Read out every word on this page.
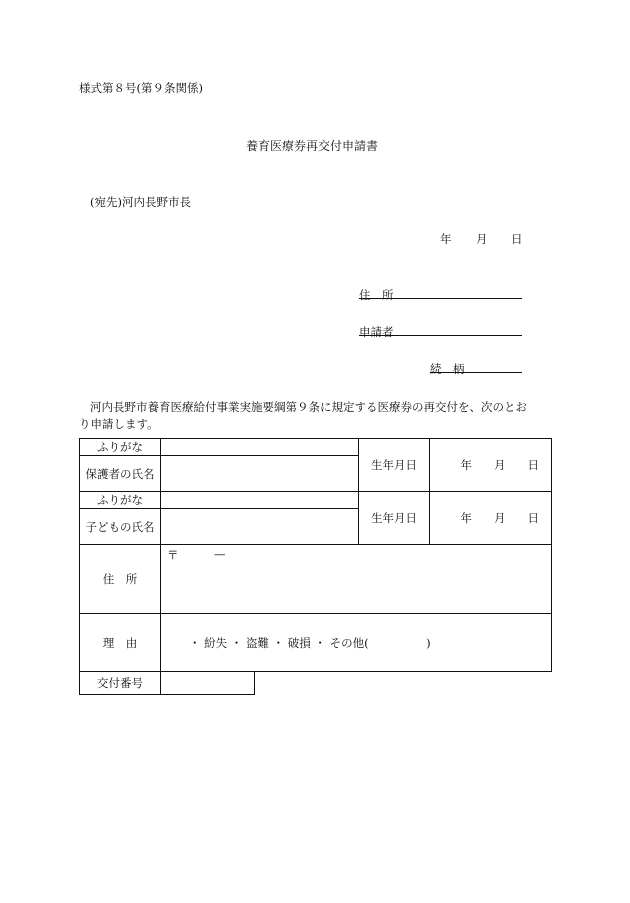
様式第８号(第９条関係)
養育医療券再交付申請書
(宛先)河内長野市長
年 月 日
住　所
申請者
続　柄
河内長野市養育医療給付事業実施要綱第９条に規定する医療券の再交付を、次のとお
り申請します。
ふりがな			生年月日	年 月 日
保護者の氏名				
ふりがな			生年月日	年 月 日
子どもの氏名				
住　所	〒 —			

理　由	・ 紛失 ・ 盗難 ・ 破損 ・ その他(　　　　　)			
交付番号				
